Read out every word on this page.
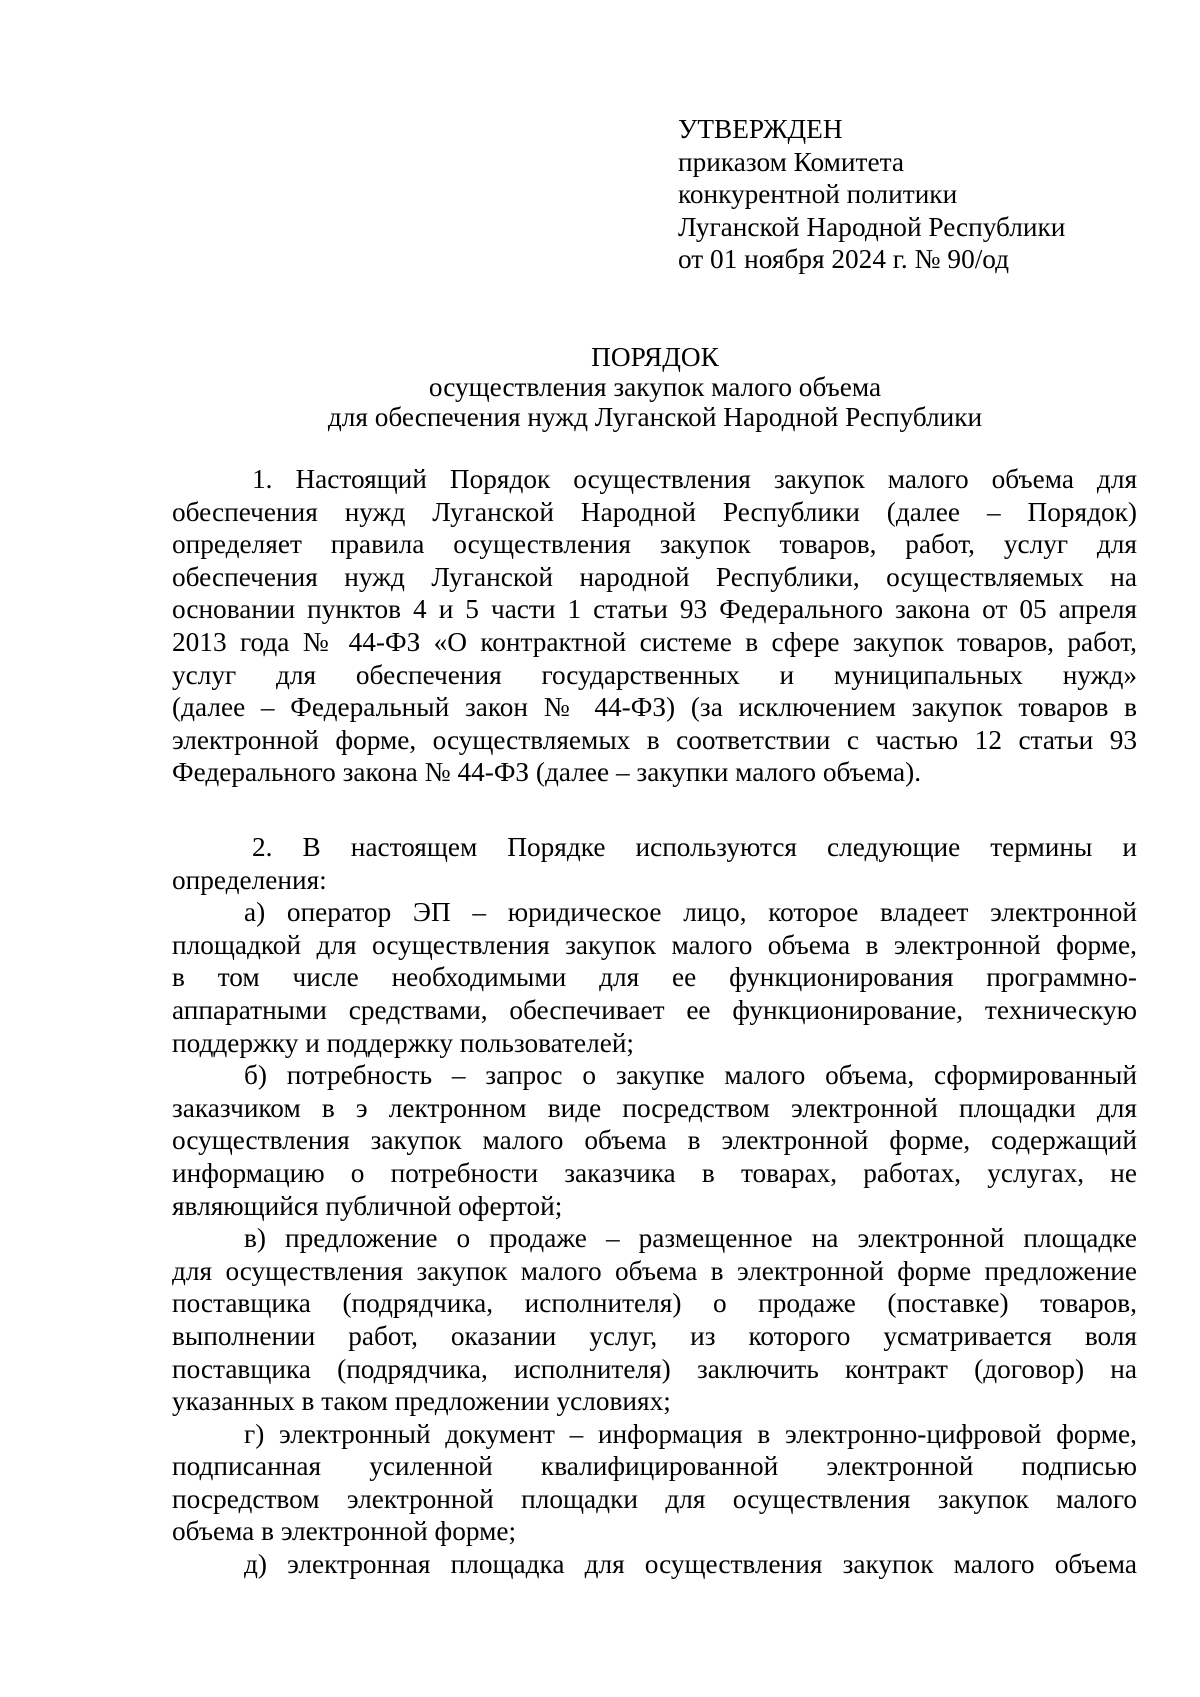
УТВЕРЖДЕН
приказом Комитета
конкурентной политики
Луганской Народной Республики
от 01 ноября 2024 г. № 90/од
ПОРЯДОК
осуществления закупок малого объема
для обеспечения нужд Луганской Народной Республики
1. Настоящий Порядок осуществления закупок малого объема для
обеспечения нужд Луганской Народной Республики (далее – Порядок)
определяет правила осуществления закупок товаров, работ, услуг для
обеспечения нужд Луганской народной Республики, осуществляемых на
основании пунктов 4 и 5 части 1 статьи 93 Федерального закона от 05 апреля
2013 года № 44-ФЗ «О контрактной системе в сфере закупок товаров, работ,
услуг для обеспечения государственных и муниципальных нужд»
(далее – Федеральный закон № 44-ФЗ) (за исключением закупок товаров в
электронной форме, осуществляемых в соответствии с частью 12 статьи 93
Федерального закона № 44-ФЗ (далее – закупки малого объема).
2. В настоящем Порядке используются следующие термины и
определения:
а) оператор ЭП – юридическое лицо, которое владеет электронной
площадкой для осуществления закупок малого объема в электронной форме,
в том числе необходимыми для ее функционирования программно-
аппаратными средствами, обеспечивает ее функционирование, техническую
поддержку и поддержку пользователей;
б) потребность – запрос о закупке малого объема, сформированный
заказчиком в э лектронном виде посредством электронной площадки для
осуществления закупок малого объема в электронной форме, содержащий
информацию о потребности заказчика в товарах, работах, услугах, не
являющийся публичной офертой;
в) предложение о продаже – размещенное на электронной площадке
для осуществления закупок малого объема в электронной форме предложение
поставщика (подрядчика, исполнителя) о продаже (поставке) товаров,
выполнении работ, оказании услуг, из которого усматривается воля
поставщика (подрядчика, исполнителя) заключить контракт (договор) на
указанных в таком предложении условиях;
г) электронный документ – информация в электронно-цифровой форме,
подписанная усиленной квалифицированной электронной подписью
посредством электронной площадки для осуществления закупок малого
объема в электронной форме;
д) электронная площадка для осуществления закупок малого объема
